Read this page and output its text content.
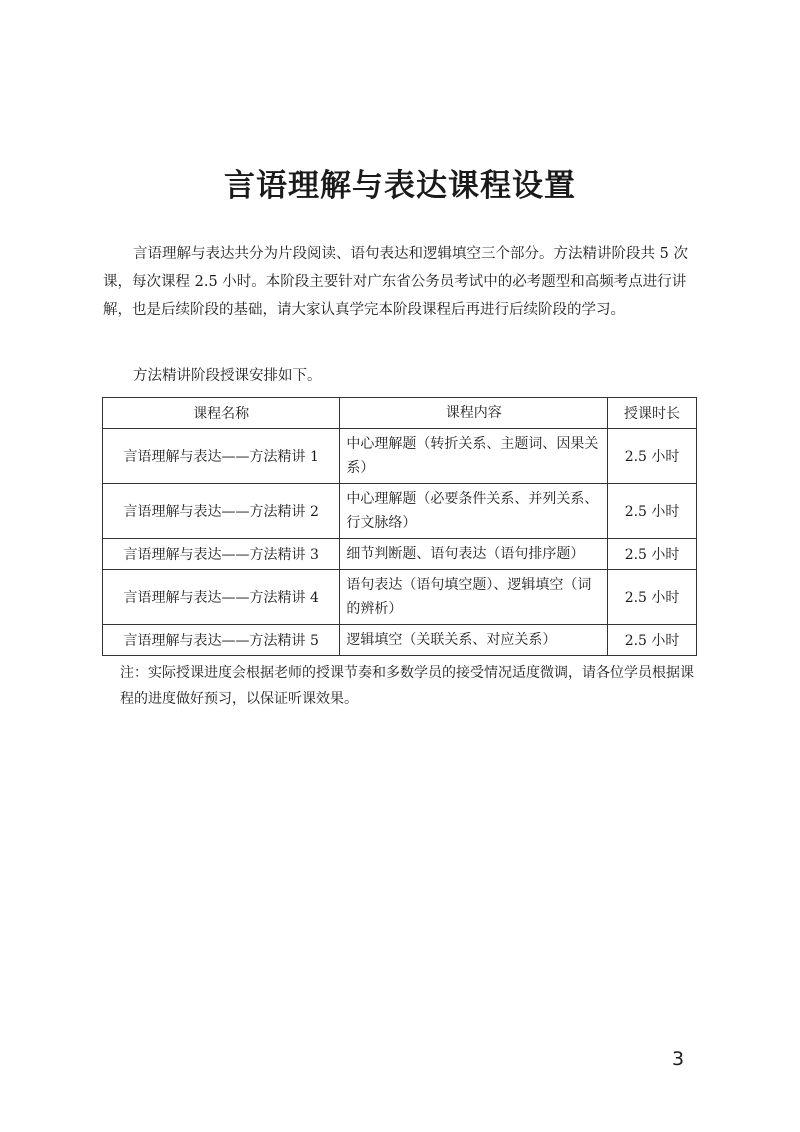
言语理解与表达课程设置

言语理解与表达共分为片段阅读、语句表达和逻辑填空三个部分。方法精讲阶段共 5 次课，每次课程 2.5 小时。本阶段主要针对广东省公务员考试中的必考题型和高频考点进行讲解，也是后续阶段的基础，请大家认真学完本阶段课程后再进行后续阶段的学习。

方法精讲阶段授课安排如下。

课程名称	课程内容	授课时长
言语理解与表达——方法精讲 1	中心理解题（转折关系、主题词、因果关系）	2.5 小时
言语理解与表达——方法精讲 2	中心理解题（必要条件关系、并列关系、行文脉络）	2.5 小时
言语理解与表达——方法精讲 3	细节判断题、语句表达（语句排序题）	2.5 小时
言语理解与表达——方法精讲 4	语句表达（语句填空题）、逻辑填空（词的辨析）	2.5 小时
言语理解与表达——方法精讲 5	逻辑填空（关联关系、对应关系）	2.5 小时

注：实际授课进度会根据老师的授课节奏和多数学员的接受情况适度微调，请各位学员根据课程的进度做好预习，以保证听课效果。

3
